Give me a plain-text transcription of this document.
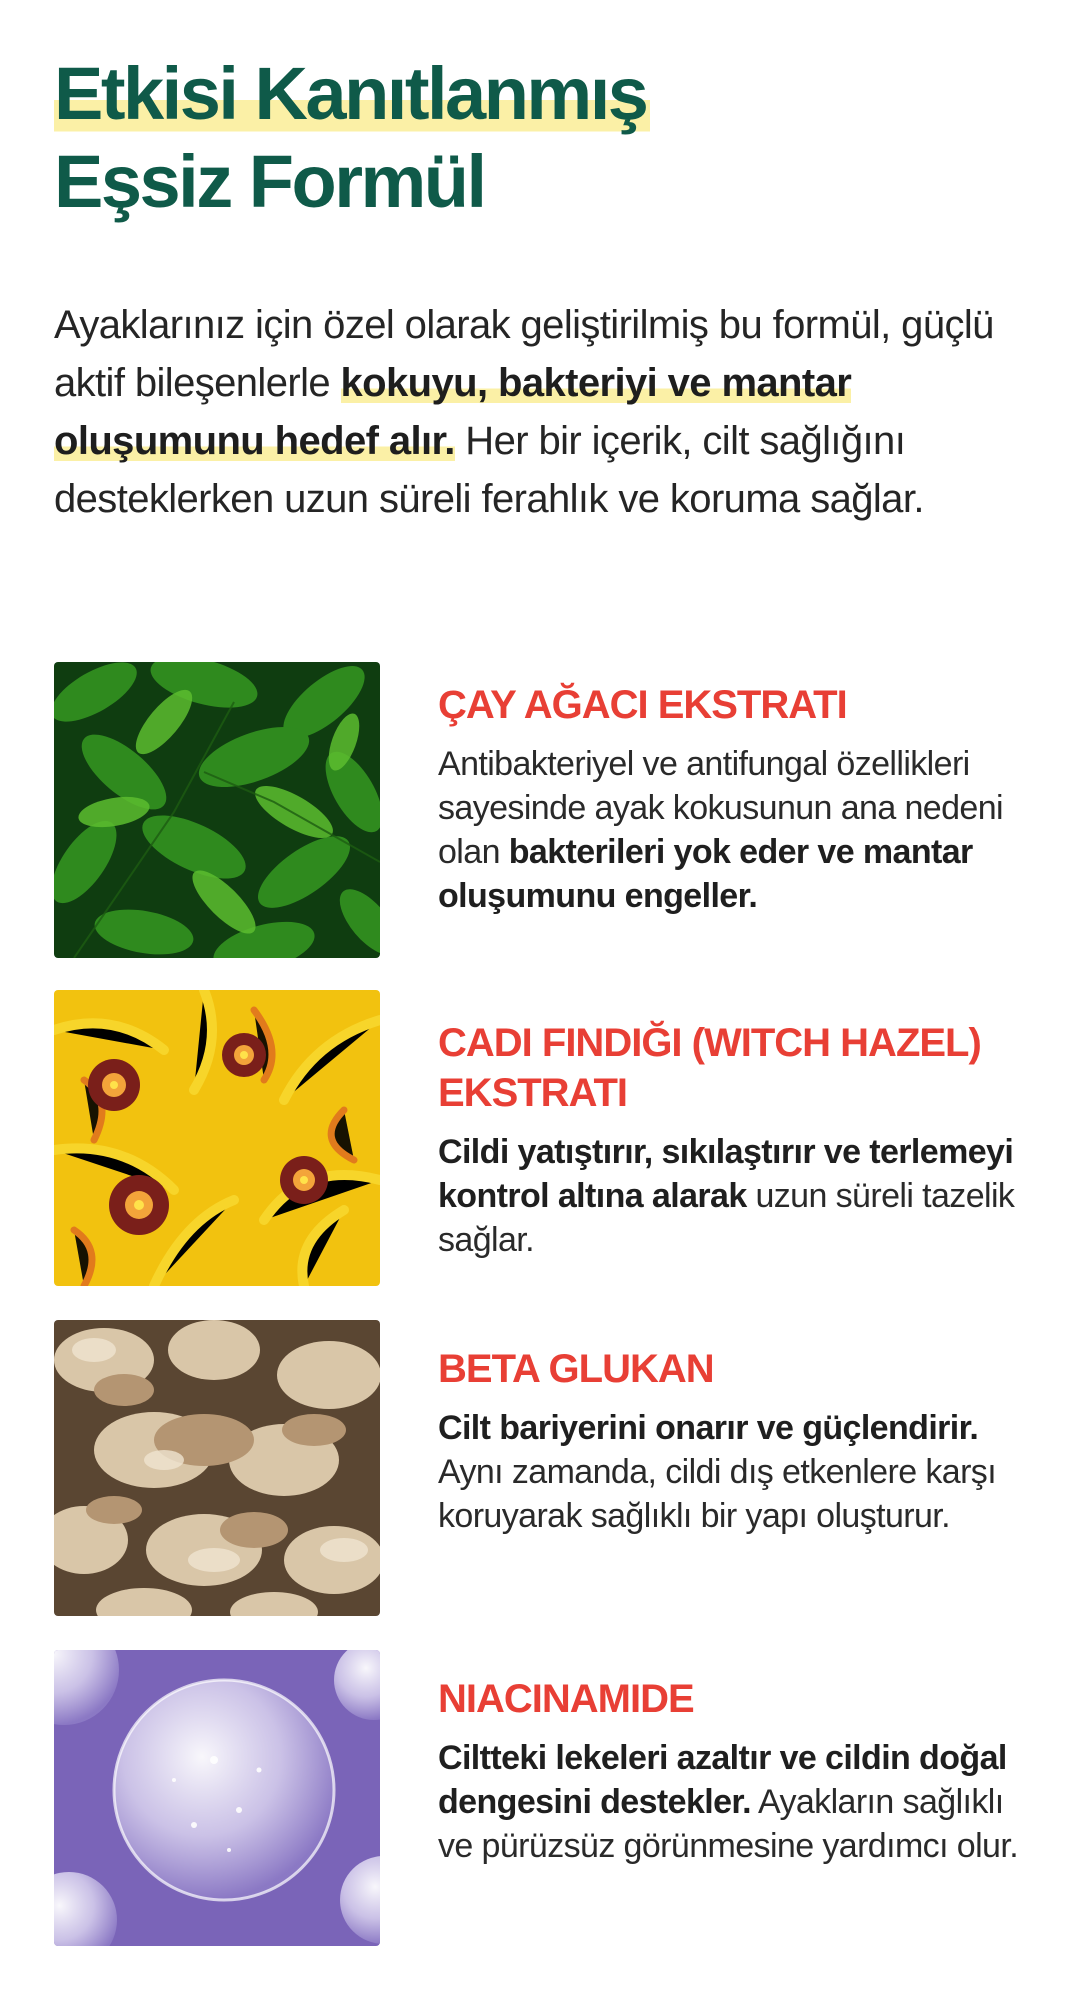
Etkisi Kanıtlanmış
Eşsiz Formül

Ayaklarınız için özel olarak geliştirilmiş bu formül, güçlü aktif bileşenlerle kokuyu, bakteriyi ve mantar oluşumunu hedef alır. Her bir içerik, cilt sağlığını desteklerken uzun süreli ferahlık ve koruma sağlar.

ÇAY AĞACI EKSTRATI

Antibakteriyel ve antifungal özellikleri sayesinde ayak kokusunun ana nedeni olan bakterileri yok eder ve mantar oluşumunu engeller.

CADI FINDIĞI (WITCH HAZEL) EKSTRATI

Cildi yatıştırır, sıkılaştırır ve terlemeyi kontrol altına alarak uzun süreli tazelik sağlar.

BETA GLUKAN

Cilt bariyerini onarır ve güçlendirir. Aynı zamanda, cildi dış etkenlere karşı koruyarak sağlıklı bir yapı oluşturur.

NIACINAMIDE

Ciltteki lekeleri azaltır ve cildin doğal dengesini destekler. Ayakların sağlıklı ve pürüzsüz görünmesine yardımcı olur.
